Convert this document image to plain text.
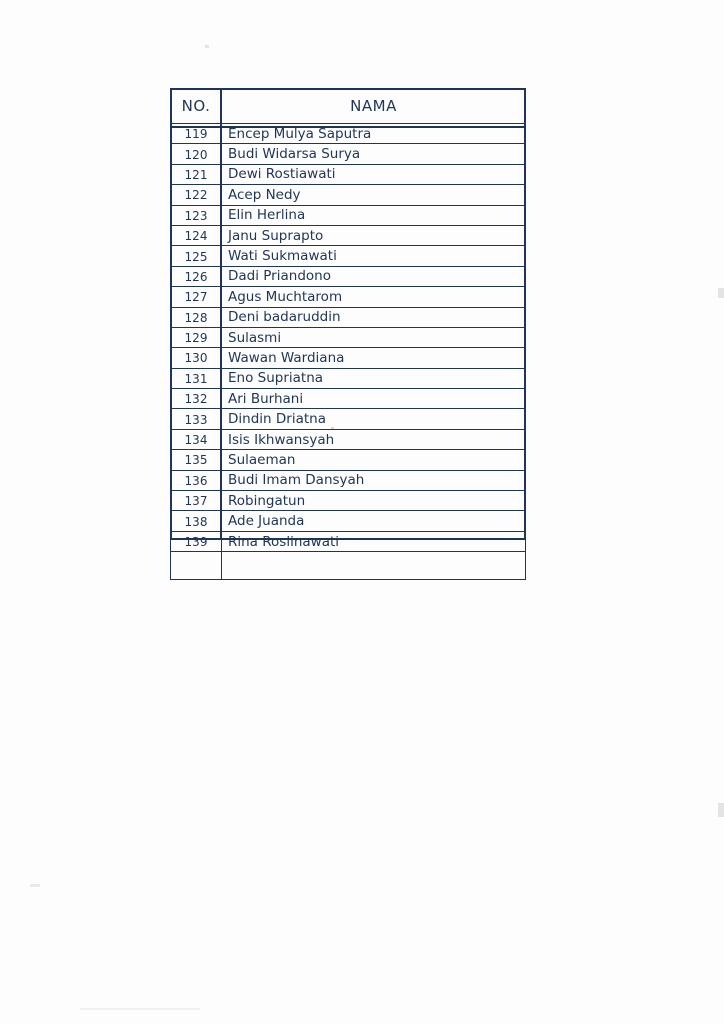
NO.	NAMA
119	Encep Mulya Saputra
120	Budi Widarsa Surya
121	Dewi Rostiawati
122	Acep Nedy
123	Elin Herlina
124	Janu Suprapto
125	Wati Sukmawati
126	Dadi Priandono
127	Agus Muchtarom
128	Deni badaruddin
129	Sulasmi
130	Wawan Wardiana
131	Eno Supriatna
132	Ari Burhani
133	Dindin Driatna
134	Isis Ikhwansyah
135	Sulaeman
136	Budi Imam Dansyah
137	Robingatun
138	Ade Juanda
139	Rina Roslinawati
